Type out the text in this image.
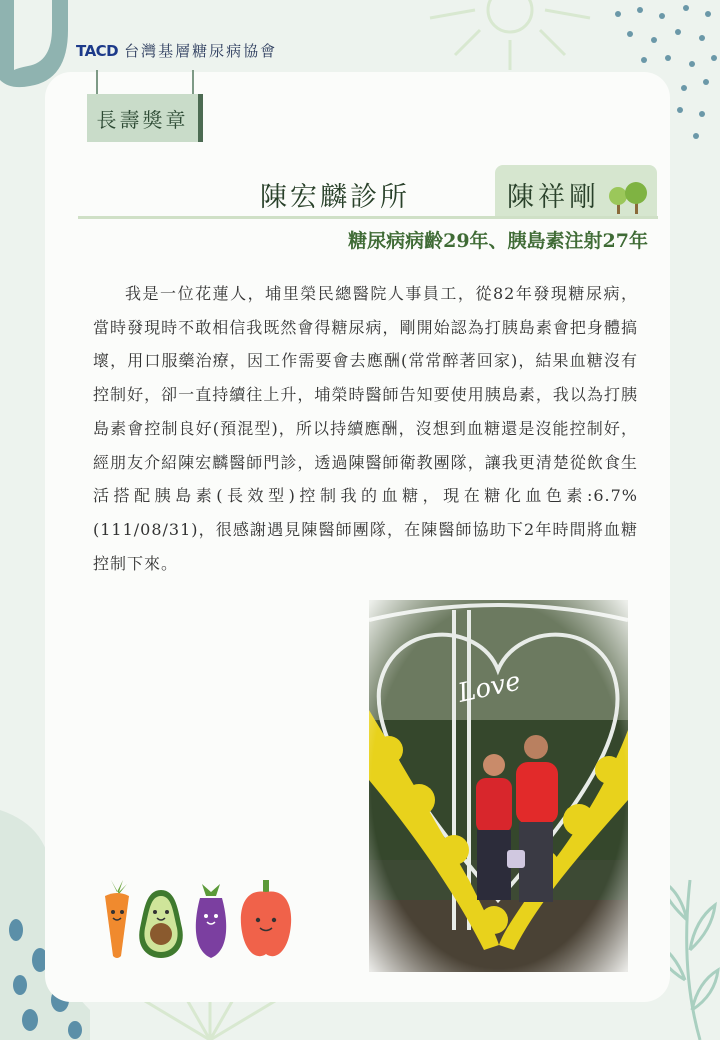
TACD 台灣基層糖尿病協會
長壽獎章
陳宏麟診所	陳祥剛
糖尿病病齡29年、胰島素注射27年
我是一位花蓮人，埔里榮民總醫院人事員工，從82年發現糖尿病，當時發現時不敢相信我既然會得糖尿病，剛開始認為打胰島素會把身體搞壞，用口服藥治療，因工作需要會去應酬(常常醉著回家)，結果血糖沒有控制好，卻一直持續往上升，埔榮時醫師告知要使用胰島素，我以為打胰島素會控制良好(預混型)，所以持續應酬，沒想到血糖還是沒能控制好，經朋友介紹陳宏麟醫師門診，透過陳醫師衛教團隊，讓我更清楚從飲食生活搭配胰島素(長效型)控制我的血糖，現在糖化血色素:6.7%(111/08/31)，很感謝遇見陳醫師團隊，在陳醫師協助下2年時間將血糖控制下來。
